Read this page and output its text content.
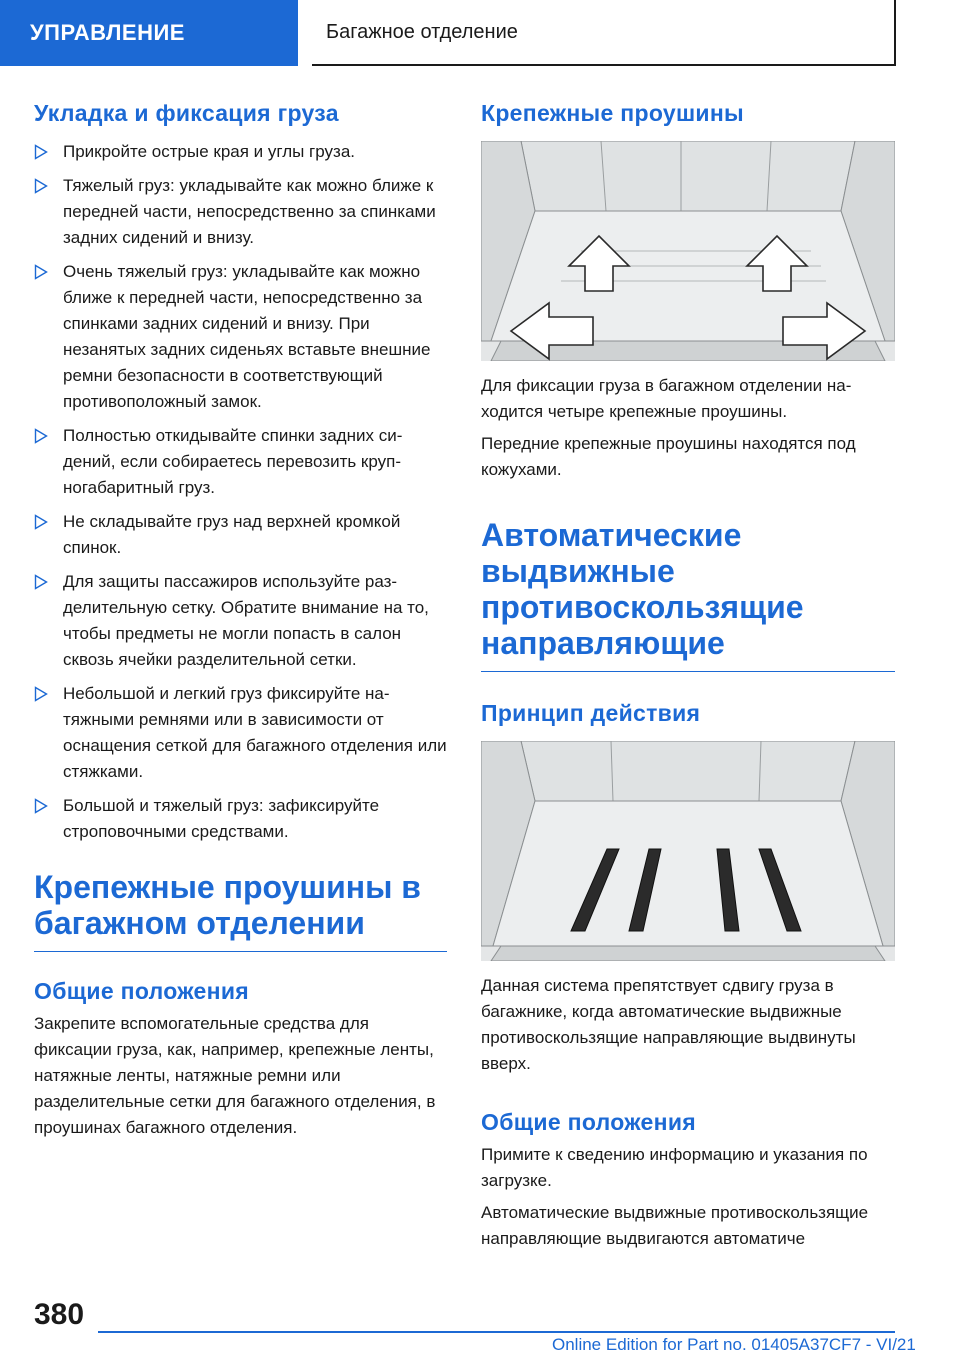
УПРАВЛЕНИЕ	Багажное отделение
Укладка и фиксация груза
Прикройте острые края и углы груза.
Тяжелый груз: укладывайте как можно ближе к передней части, непосредственно за спинками задних сидений и внизу.
Очень тяжелый груз: укладывайте как можно ближе к передней части, непосредственно за спинками задних сидений и внизу. При незанятых задних сиденьях вставьте внешние ремни безопасности в соответствующий противоположный замок.
Полностью откидывайте спинки задних сидений, если собираетесь перевозить крупногабаритный груз.
Не складывайте груз над верхней кромкой спинок.
Для защиты пассажиров используйте разделительную сетку. Обратите внимание на то, чтобы предметы не могли попасть в салон сквозь ячейки разделительной сетки.
Небольшой и легкий груз фиксируйте натяжными ремнями или в зависимости от оснащения сеткой для багажного отделения или стяжками.
Большой и тяжелый груз: зафиксируйте строповочными средствами.
Крепежные проушины в багажном отделении
Общие положения

Закрепите вспомогательные средства для фиксации груза, как, например, крепежные ленты, натяжные ленты, натяжные ремни или разделительные сетки для багажного отделения, в проушинах багажного отделения.

Крепежные проушины

Для фиксации груза в багажном отделении находится четыре крепежные проушины.

Передние крепежные проушины находятся под кожухами.

Автоматические выдвижные противоскользящие направляющие
Принцип действия

Данная система препятствует сдвигу груза в багажнике, когда автоматические выдвижные противоскользящие направляющие выдвинуты вверх.

Общие положения

Примите к сведению информацию и указания по загрузке.

Автоматические выдвижные противоскользящие направляющие выдвигаются автоматиче

380
Online Edition for Part no. 01405A37CF7 - VI/21
